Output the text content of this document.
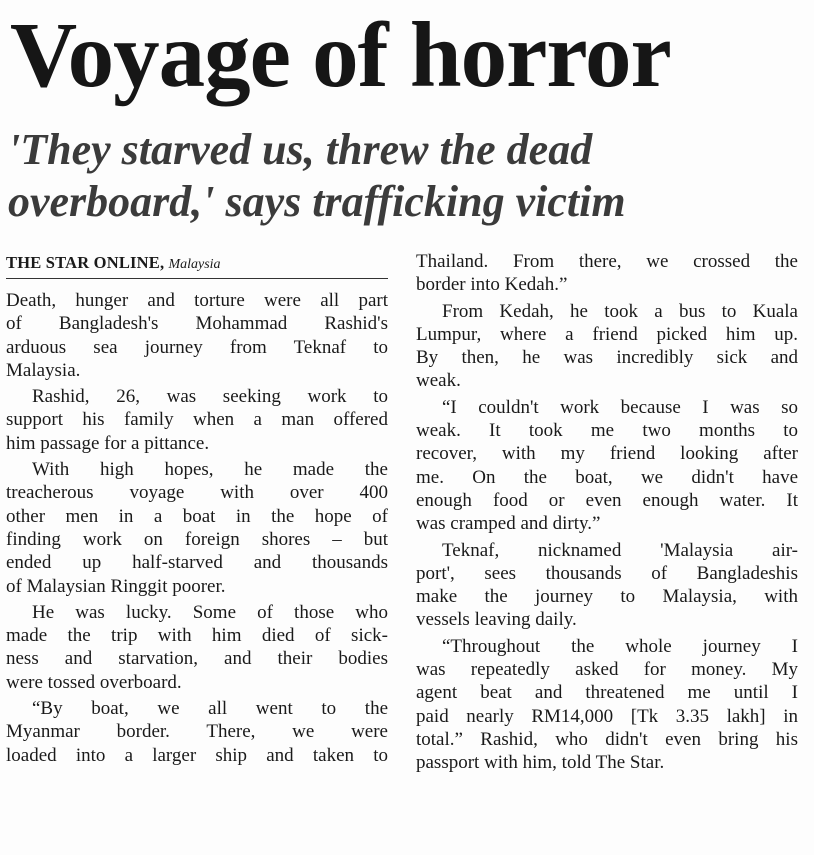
Voyage of horror
'They starved us, threw the dead
overboard,' says trafficking victim
THE STAR ONLINE, Malaysia
Death, hunger and torture were all part
of Bangladesh's Mohammad Rashid's
arduous sea journey from Teknaf to
Malaysia.
Rashid, 26, was seeking work to
support his family when a man offered
him passage for a pittance.
With high hopes, he made the
treacherous voyage with over 400
other men in a boat in the hope of
finding work on foreign shores – but
ended up half-starved and thousands
of Malaysian Ringgit poorer.
He was lucky. Some of those who
made the trip with him died of sick-
ness and starvation, and their bodies
were tossed overboard.
“By boat, we all went to the
Myanmar border. There, we were
loaded into a larger ship and taken to
Thailand. From there, we crossed the
border into Kedah.”
From Kedah, he took a bus to Kuala
Lumpur, where a friend picked him up.
By then, he was incredibly sick and
weak.
“I couldn't work because I was so
weak. It took me two months to
recover, with my friend looking after
me. On the boat, we didn't have
enough food or even enough water. It
was cramped and dirty.”
Teknaf, nicknamed 'Malaysia air-
port', sees thousands of Bangladeshis
make the journey to Malaysia, with
vessels leaving daily.
“Throughout the whole journey I
was repeatedly asked for money. My
agent beat and threatened me until I
paid nearly RM14,000 [Tk 3.35 lakh] in
total.” Rashid, who didn't even bring his
passport with him, told The Star.
